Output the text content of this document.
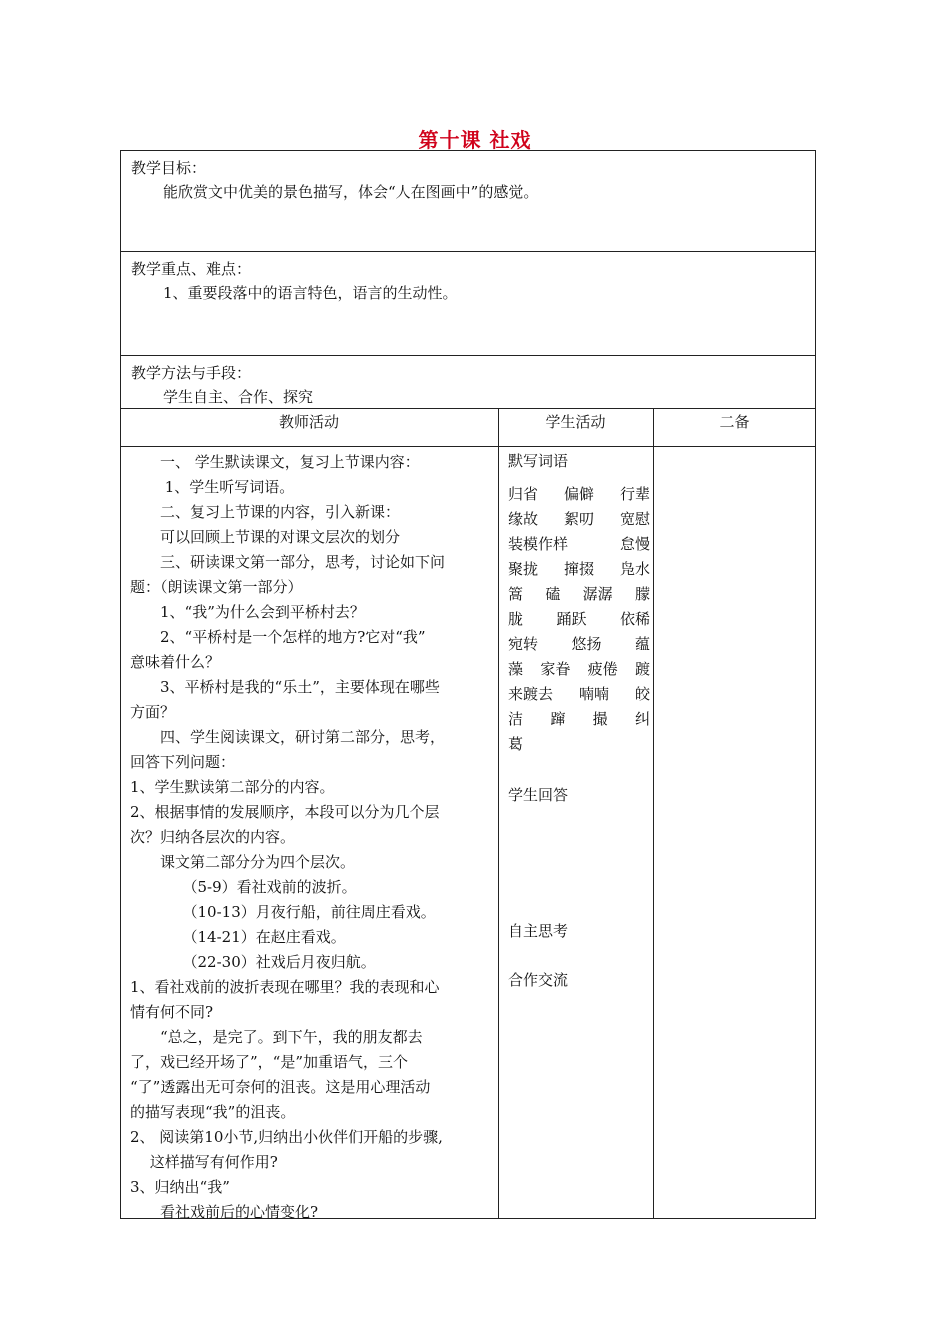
第十课 社戏
教学目标：
能欣赏文中优美的景色描写，体会“人在图画中”的感觉。
教学重点、难点：
1、重要段落中的语言特色，语言的生动性。
教学方法与手段：
学生自主、合作、探究
教师活动	学生活动	二备
　　一、 学生默读课文，复习上节课内容：
　　 1、学生听写词语。
　　二、复习上节课的内容，引入新课：
　　可以回顾上节课的对课文层次的划分
　　三、研读课文第一部分，思考，讨论如下问
题：（朗读课文第一部分）
　　1、“我”为什么会到平桥村去？
　　2、“平桥村是一个怎样的地方?它对“我”
意味着什么？
　　3、平桥村是我的“乐土”，主要体现在哪些
方面？
　　四、学生阅读课文，研讨第二部分，思考，
回答下列问题：
1、学生默读第二部分的内容。
2、根据事情的发展顺序，本段可以分为几个层
次？归纳各层次的内容。
　　课文第二部分分为四个层次。
　　　　（5-9）看社戏前的波折。
　　　　（10-13）月夜行船，前往周庄看戏。
　　　　（14-21）在赵庄看戏。
　　　　（22-30）社戏后月夜归航。
1、看社戏前的波折表现在哪里？我的表现和心
情有何不同?
　　“总之，是完了。到下午，我的朋友都去
了，戏已经开场了”，“是”加重语气，三个
“了”透露出无可奈何的沮丧。这是用心理活动
的描写表现“我”的沮丧。
2、 阅读第10小节,归纳出小伙伴们开船的步骤,
　 这样描写有何作用?
3、归纳出“我”
　　看社戏前后的心情变化?
默写词语
归省 偏僻 行辈
缘故 絮叨 宽慰
装模作样	怠慢
聚拢 撺掇 凫水
篙 磕 潺潺 朦
胧 踊跃 依稀
宛转 悠扬 蕴
藻 家眷 疲倦 踱
来踱去 喃喃 皎
洁 蹿 撮 纠
葛
学生回答
自主思考
合作交流
